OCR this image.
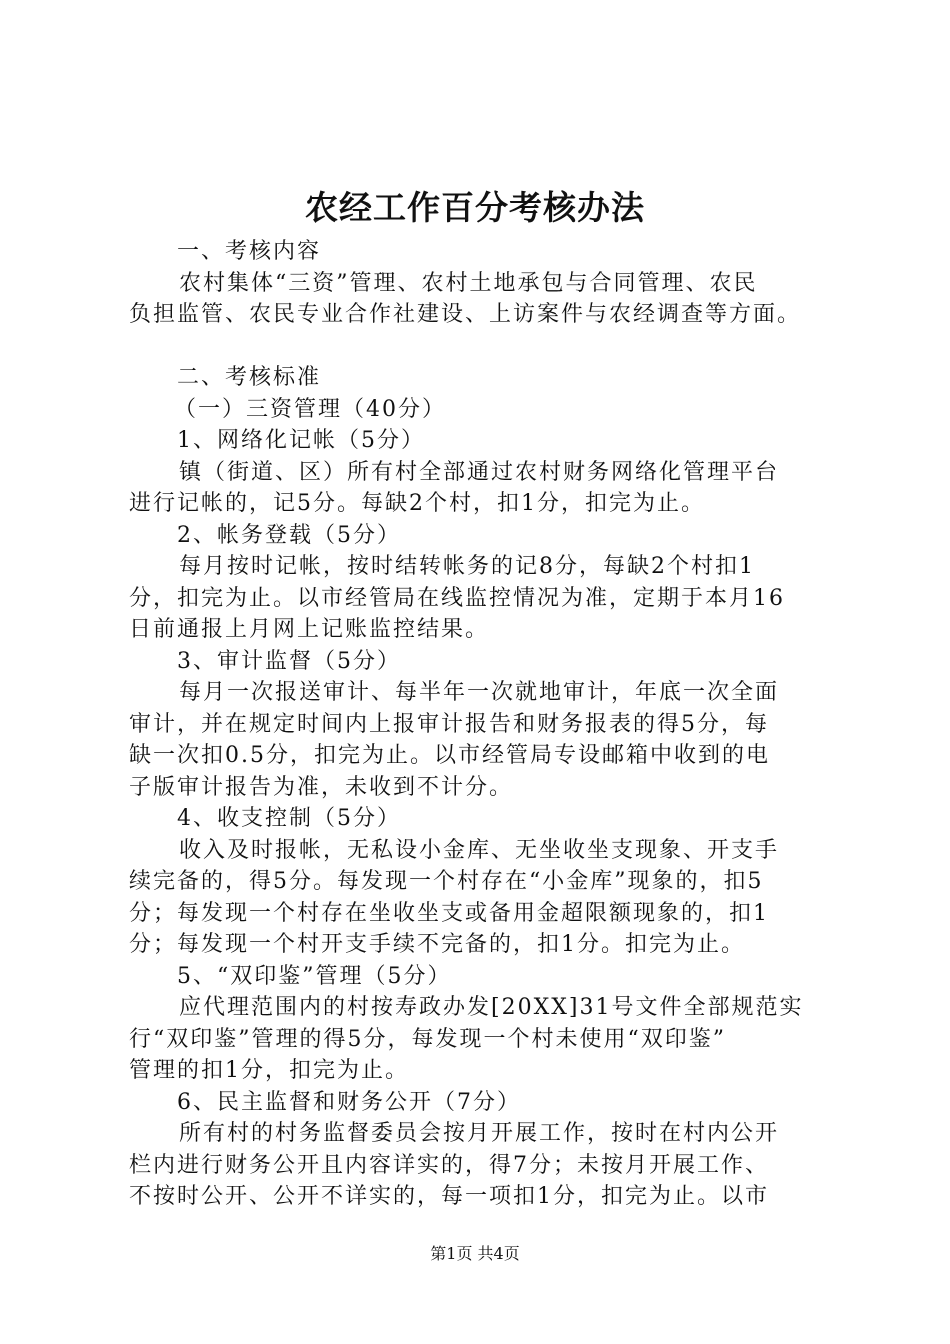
农经工作百分考核办法
一、考核内容
农村集体“三资”管理、农村土地承包与合同管理、农民
负担监管、农民专业合作社建设、上访案件与农经调查等方面。
二、考核标准
（一）三资管理（40分）
1、网络化记帐（5分）
镇（街道、区）所有村全部通过农村财务网络化管理平台
进行记帐的，记5分。每缺2个村，扣1分，扣完为止。
2、帐务登载（5分）
每月按时记帐，按时结转帐务的记8分，每缺2个村扣1
分，扣完为止。以市经管局在线监控情况为准，定期于本月16
日前通报上月网上记账监控结果。
3、审计监督（5分）
每月一次报送审计、每半年一次就地审计，年底一次全面
审计，并在规定时间内上报审计报告和财务报表的得5分，每
缺一次扣0.5分，扣完为止。以市经管局专设邮箱中收到的电
子版审计报告为准，未收到不计分。
4、收支控制（5分）
收入及时报帐，无私设小金库、无坐收坐支现象、开支手
续完备的，得5分。每发现一个村存在“小金库”现象的，扣5
分；每发现一个村存在坐收坐支或备用金超限额现象的，扣1
分；每发现一个村开支手续不完备的，扣1分。扣完为止。
5、“双印鉴”管理（5分）
应代理范围内的村按寿政办发[20XX]31号文件全部规范实
行“双印鉴”管理的得5分，每发现一个村未使用“双印鉴”
管理的扣1分，扣完为止。
6、民主监督和财务公开（7分）
所有村的村务监督委员会按月开展工作，按时在村内公开
栏内进行财务公开且内容详实的，得7分；未按月开展工作、
不按时公开、公开不详实的，每一项扣1分，扣完为止。以市
第1页 共4页
